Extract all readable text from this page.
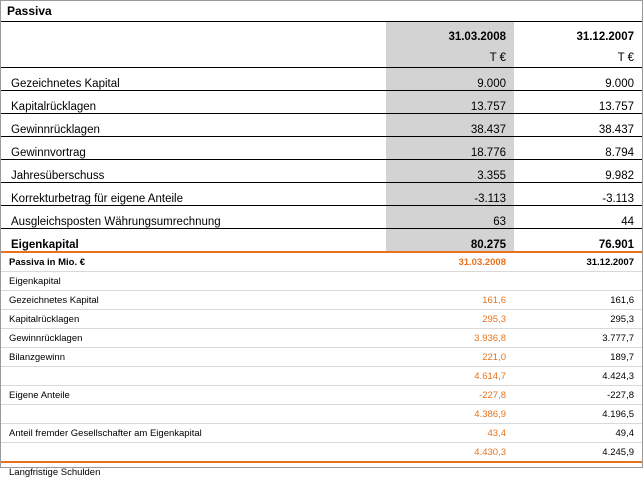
Passiva
	31.03.2008	31.12.2007
	T €	T €
Gezeichnetes Kapital	9.000	9.000
Kapitalrücklagen	13.757	13.757
Gewinnrücklagen	38.437	38.437
Gewinnvortrag	18.776	8.794
Jahresüberschuss	3.355	9.982
Korrekturbetrag für eigene Anteile	-3.113	-3.113
Ausgleichsposten Währungsumrechnung	63	44
Eigenkapital	80.275	76.901
Passiva in Mio. €	31.03.2008	31.12.2007
Eigenkapital		
Gezeichnetes Kapital	161,6	161,6
Kapitalrücklagen	295,3	295,3
Gewinnrücklagen	3.936,8	3.777,7
Bilanzgewinn	221,0	189,7
	4.614,7	4.424,3
Eigene Anteile	-227,8	-227,8
	4.386,9	4.196,5
Anteil fremder Gesellschafter am Eigenkapital	43,4	49,4
	4.430,3	4.245,9
Langfristige Schulden		
